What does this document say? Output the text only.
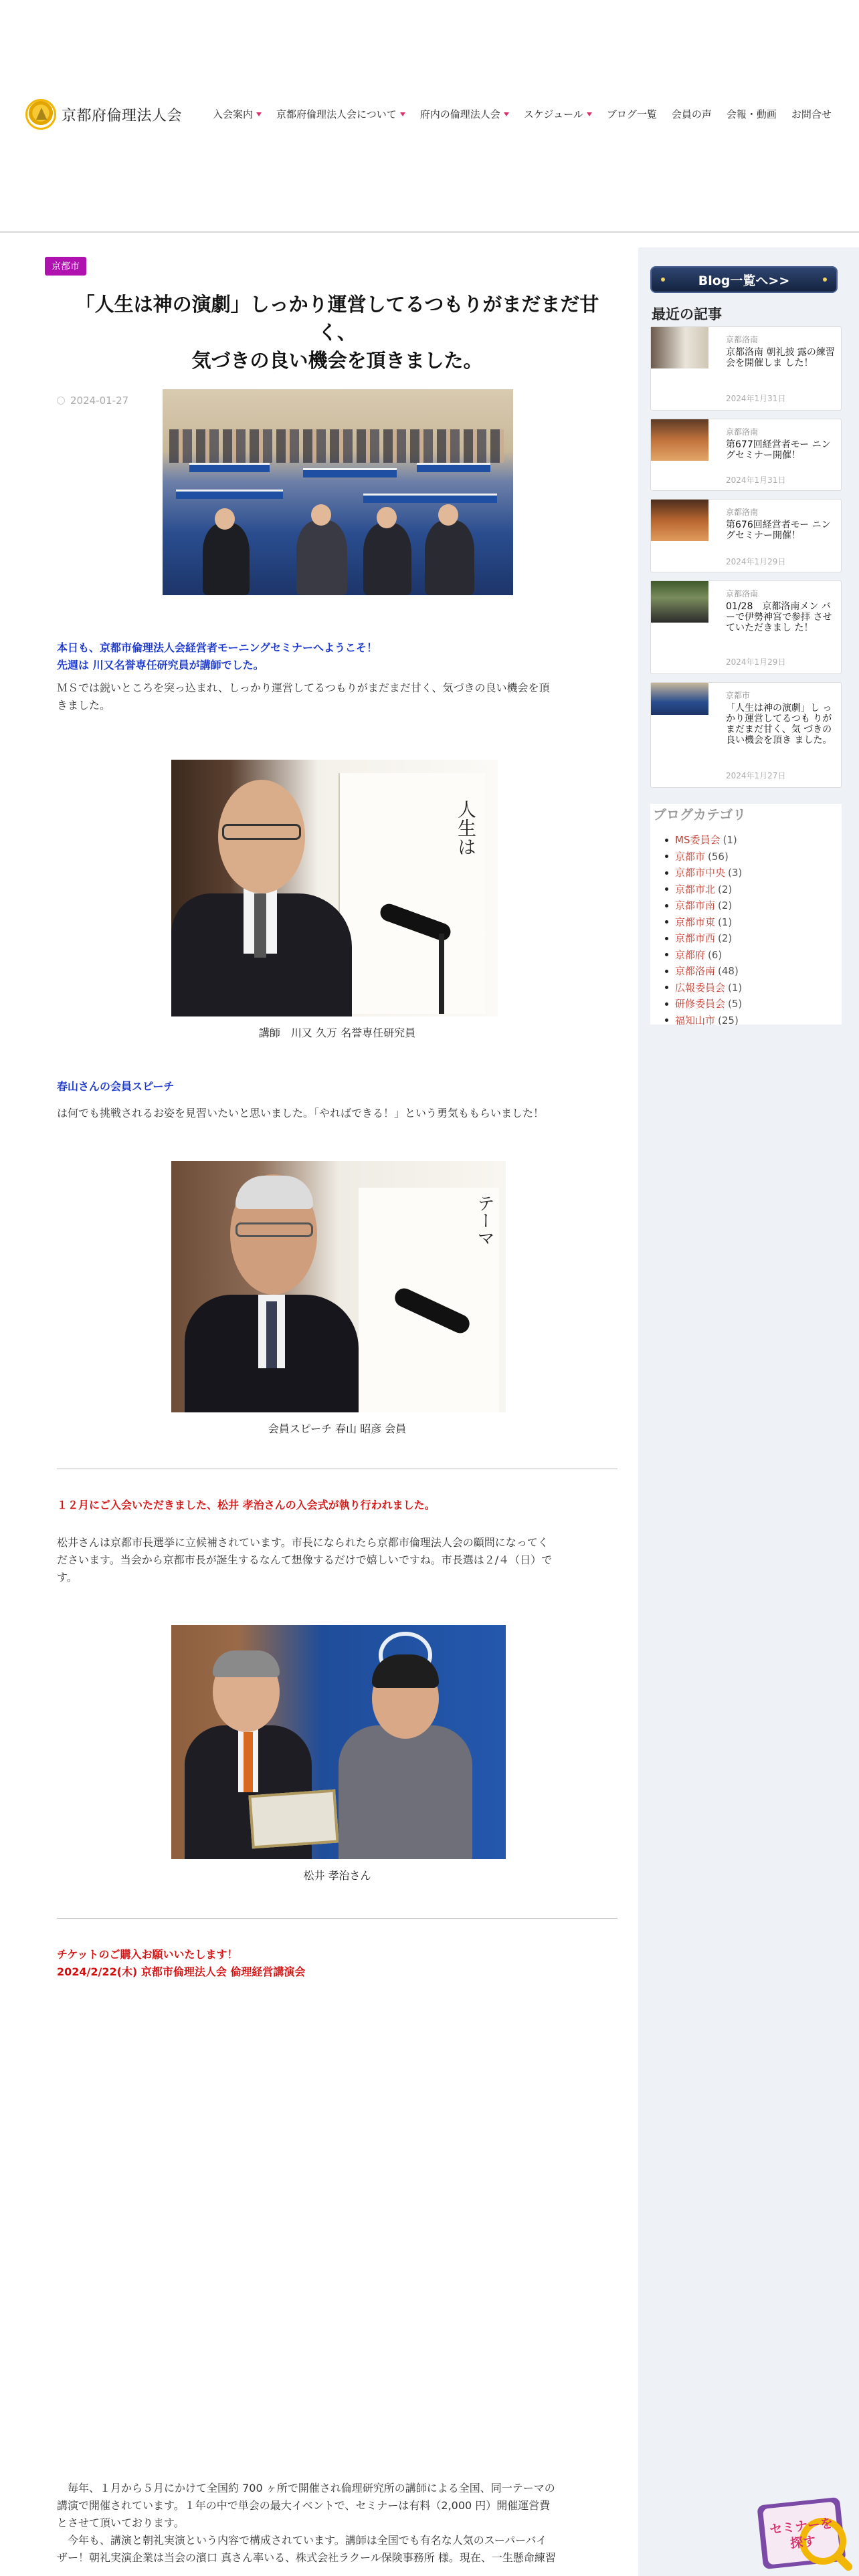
京都府倫理法人会	入会案内 京都府倫理法人会について 府内の倫理法人会 スケジュール ブログ一覧 会員の声 会報・動画 お問合せ
京都市
「人生は神の演劇」しっかり運営してるつもりがまだまだ甘く、
気づきの良い機会を頂きました。
2024-01-27

本日も、京都市倫理法人会経営者モーニングセミナーへようこそ！
先週は 川又名誉専任研究員が講師でした。

ＭＳでは鋭いところを突っ込まれ、しっかり運営してるつもりがまだまだ甘く、気づきの良い機会を頂
きました。

人生は

講師　川又 久万 名誉専任研究員

春山さんの会員スピーチ

は何でも挑戦されるお姿を見習いたいと思いました。「やればできる！」という勇気ももらいました！

テーマ

会員スピーチ 春山 昭彦 会員

１２月にご入会いただきました、松井 孝治さんの入会式が執り行われました。

松井さんは京都市長選挙に立候補されています。市長になられたら京都市倫理法人会の顧問になってく
ださいます。当会から京都市長が誕生するなんて想像するだけで嬉しいですね。市長選は２/４（日）で
す。

松井 孝治さん

チケットのご購入お願いいたします！
2024/2/22(木) 京都市倫理法人会 倫理経営講演会

　毎年、１月から５月にかけて全国約 700 ヶ所で開催され倫理研究所の講師による全国、同一テーマの
講演で開催されています。１年の中で単会の最大イベントで、セミナーは有料（2,000 円）開催運営費
とさせて頂いております。
　今年も、講演と朝礼実演という内容で構成されています。講師は全国でも有名な人気のスーパーバイ
ザー！朝礼実演企業は当会の濱口 真さん率いる、株式会社ラクール保険事務所 様。現在、一生懸命練習

Blog一覧へ>>
最近の記事
京都洛南
京都洛南 朝礼披 露の練習会を開催しま した！
2024年1月31日
京都洛南
第677回経営者モー ニングセミナー開催！
2024年1月31日
京都洛南
第676回経営者モー ニングセミナー開催！
2024年1月29日
京都洛南
01/28　京都洛南メン バーで伊勢神宮で参拝 させていただきまし た！
2024年1月29日
京都市
「人生は神の演劇」し っかり運営してるつも りがまだまだ甘く、気 づきの良い機会を頂き ました。
2024年1月27日
ブログカテゴリ
MS委員会 (1)
京都市 (56)
京都市中央 (3)
京都市北 (2)
京都市南 (2)
京都市東 (1)
京都市西 (2)
京都府 (6)
京都洛南 (48)
広報委員会 (1)
研修委員会 (5)
福知山市 (25)
セミナーを
探す
